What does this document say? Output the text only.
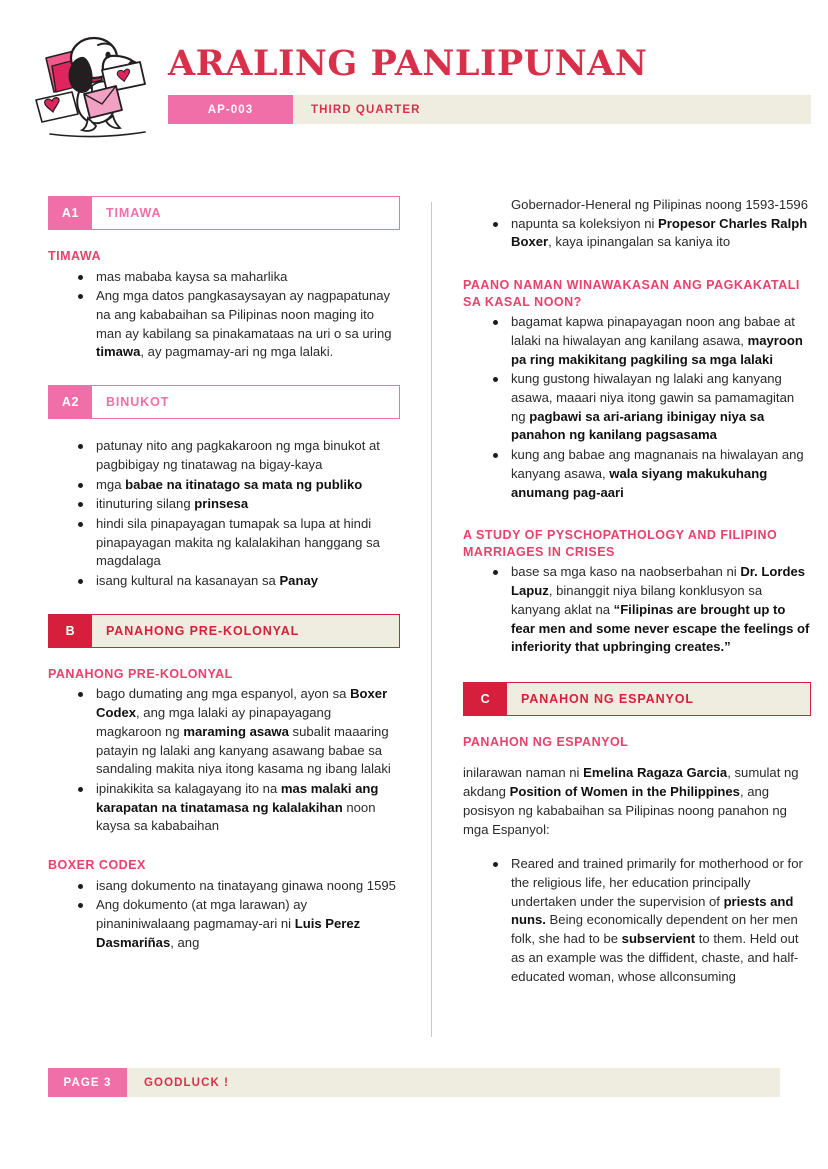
ARALING PANLIPUNAN
AP-003	THIRD QUARTER
A1	TIMAWA
TIMAWA
mas mababa kaysa sa maharlika
Ang mga datos pangkasaysayan ay nagpapatunay na ang kababaihan sa Pilipinas noon maging ito man ay kabilang sa pinakamataas na uri o sa uring timawa, ay pagmamay-ari ng mga lalaki.
A2	BINUKOT
patunay nito ang pagkakaroon ng mga binukot at pagbibigay ng tinatawag na bigay-kaya
mga babae na itinatago sa mata ng publiko
itinuturing silang prinsesa
hindi sila pinapayagan tumapak sa lupa at hindi pinapayagan makita ng kalalakihan hanggang sa magdalaga
isang kultural na kasanayan sa Panay
B	PANAHONG PRE-KOLONYAL
PANAHONG PRE-KOLONYAL
bago dumating ang mga espanyol, ayon sa Boxer Codex, ang mga lalaki ay pinapayagang magkaroon ng maraming asawa subalit maaaring patayin ng lalaki ang kanyang asawang babae sa sandaling makita niya itong kasama ng ibang lalaki
ipinakikita sa kalagayang ito na mas malaki ang karapatan na tinatamasa ng kalalakihan noon kaysa sa kababaihan
BOXER CODEX
isang dokumento na tinatayang ginawa noong 1595
Ang dokumento (at mga larawan) ay pinaniniwalaang pagmamay-ari ni Luis Perez Dasmariñas, ang
Gobernador-Heneral ng Pilipinas noong 1593-1596
napunta sa koleksiyon ni Propesor Charles Ralph Boxer, kaya ipinangalan sa kaniya ito
PAANO NAMAN WINAWAKASAN ANG PAGKAKATALI SA KASAL NOON?
bagamat kapwa pinapayagan noon ang babae at lalaki na hiwalayan ang kanilang asawa, mayroon pa ring makikitang pagkiling sa mga lalaki
kung gustong hiwalayan ng lalaki ang kanyang asawa, maaari niya itong gawin sa pamamagitan ng pagbawi sa ari-ariang ibinigay niya sa panahon ng kanilang pagsasama
kung ang babae ang magnanais na hiwalayan ang kanyang asawa, wala siyang makukuhang anumang pag-aari
A STUDY OF PYSCHOPATHOLOGY AND FILIPINO MARRIAGES IN CRISES
base sa mga kaso na naobserbahan ni Dr. Lordes Lapuz, binanggit niya bilang konklusyon sa kanyang aklat na “Filipinas are brought up to fear men and some never escape the feelings of inferiority that upbringing creates.”
C	PANAHON NG ESPANYOL
PANAHON NG ESPANYOL
inilarawan naman ni Emelina Ragaza Garcia, sumulat ng akdang Position of Women in the Philippines, ang posisyon ng kababaihan sa Pilipinas noong panahon ng mga Espanyol:
Reared and trained primarily for motherhood or for the religious life, her education principally undertaken under the supervision of priests and nuns. Being economically dependent on her men folk, she had to be subservient to them. Held out as an example was the diffident, chaste, and half-educated woman, whose allconsuming
PAGE 3	GOODLUCK !
